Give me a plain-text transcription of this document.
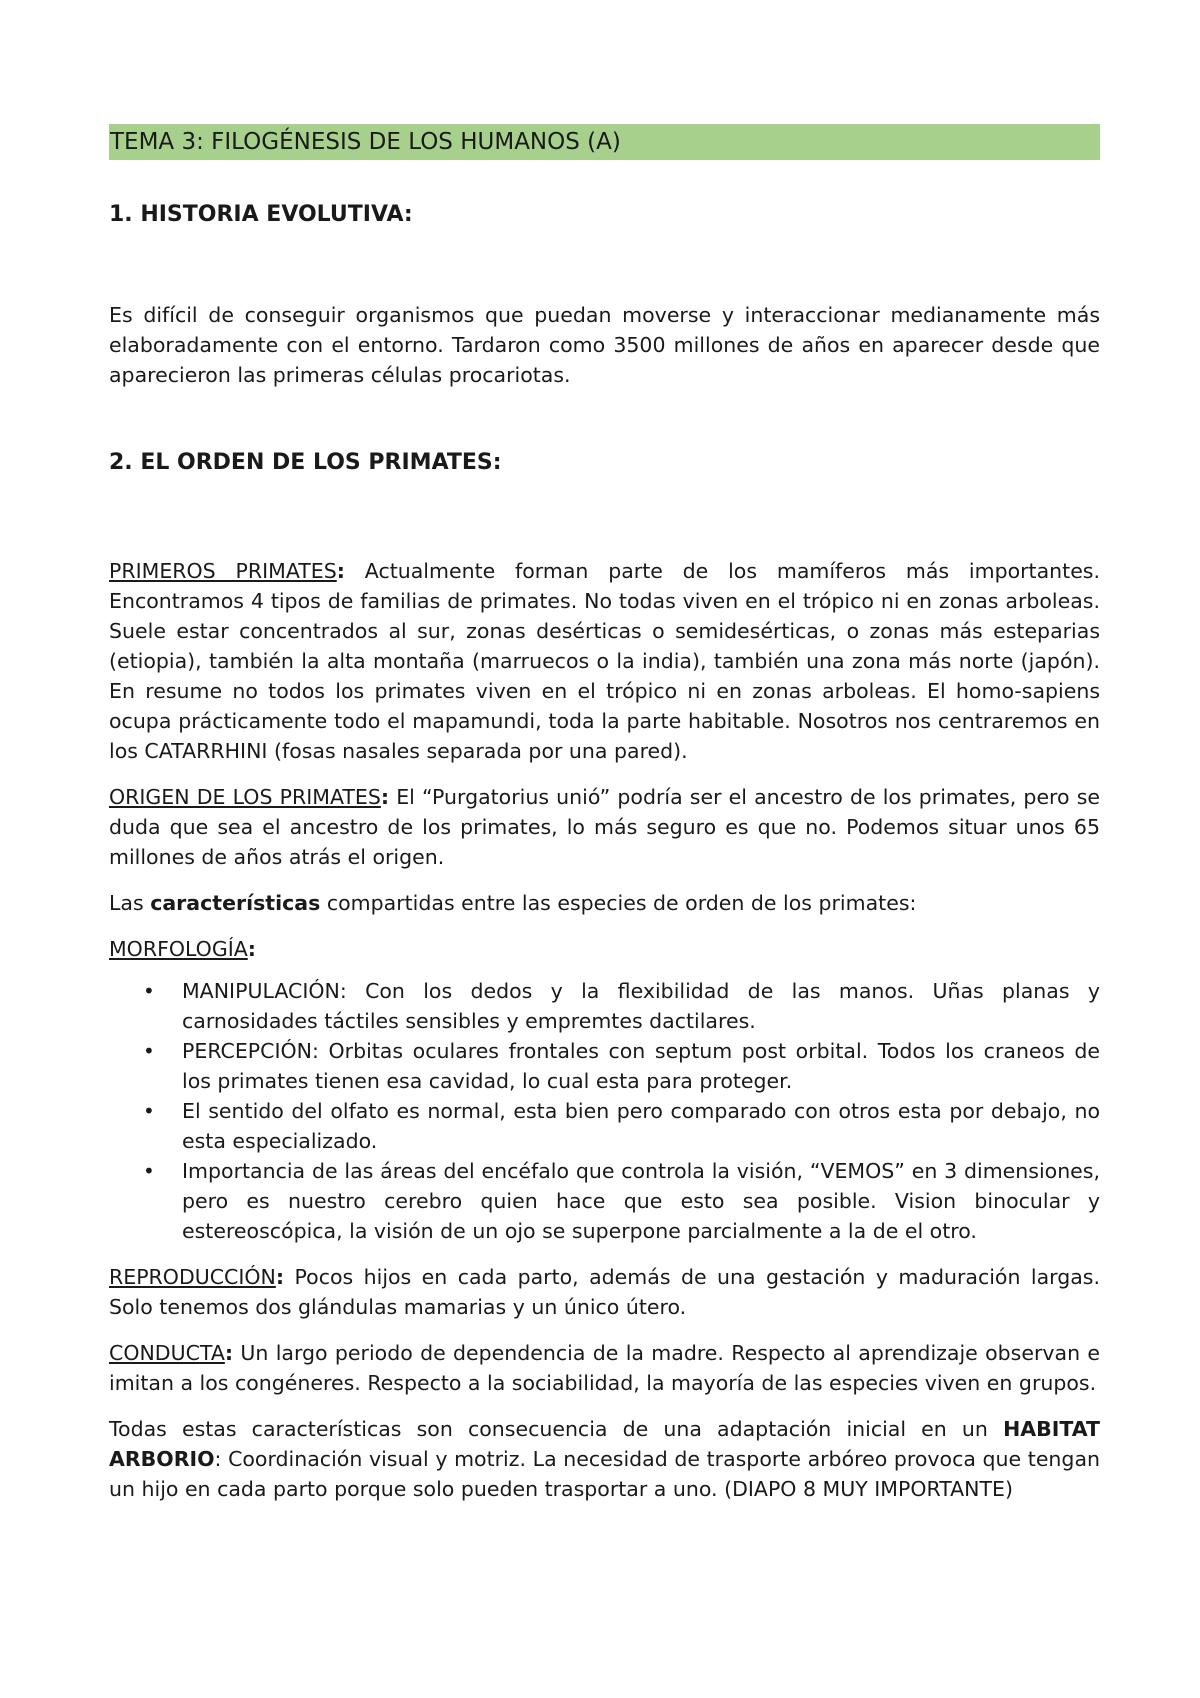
TEMA 3: FILOGÉNESIS DE LOS HUMANOS (A)
1. HISTORIA EVOLUTIVA:

Es difícil de conseguir organismos que puedan moverse y interaccionar medianamente más elaboradamente con el entorno. Tardaron como 3500 millones de años en aparecer desde que aparecieron las primeras células procariotas.

2. EL ORDEN DE LOS PRIMATES:

PRIMEROS PRIMATES: Actualmente forman parte de los mamíferos más importantes. Encontramos 4 tipos de familias de primates. No todas viven en el trópico ni en zonas arboleas. Suele estar concentrados al sur, zonas desérticas o semidesérticas, o zonas más esteparias (etiopia), también la alta montaña (marruecos o la india), también una zona más norte (japón). En resume no todos los primates viven en el trópico ni en zonas arboleas. El homo-sapiens ocupa prácticamente todo el mapamundi, toda la parte habitable. Nosotros nos centraremos en los CATARRHINI (fosas nasales separada por una pared).

ORIGEN DE LOS PRIMATES: El “Purgatorius unió” podría ser el ancestro de los primates, pero se duda que sea el ancestro de los primates, lo más seguro es que no. Podemos situar unos 65 millones de años atrás el origen.

Las características compartidas entre las especies de orden de los primates:

MORFOLOGÍA:

• MANIPULACIÓN: Con los dedos y la flexibilidad de las manos. Uñas planas y carnosidades táctiles sensibles y empremtes dactilares.
• PERCEPCIÓN: Orbitas oculares frontales con septum post orbital. Todos los craneos de los primates tienen esa cavidad, lo cual esta para proteger.
• El sentido del olfato es normal, esta bien pero comparado con otros esta por debajo, no esta especializado.
• Importancia de las áreas del encéfalo que controla la visión, “VEMOS” en 3 dimensiones, pero es nuestro cerebro quien hace que esto sea posible. Vision binocular y estereoscópica, la visión de un ojo se superpone parcialmente a la de el otro.

REPRODUCCIÓN: Pocos hijos en cada parto, además de una gestación y maduración largas. Solo tenemos dos glándulas mamarias y un único útero.

CONDUCTA: Un largo periodo de dependencia de la madre. Respecto al aprendizaje observan e imitan a los congéneres. Respecto a la sociabilidad, la mayoría de las especies viven en grupos.

Todas estas características son consecuencia de una adaptación inicial en un HABITAT ARBORIO: Coordinación visual y motriz. La necesidad de trasporte arbóreo provoca que tengan un hijo en cada parto porque solo pueden trasportar a uno. (DIAPO 8 MUY IMPORTANTE)
